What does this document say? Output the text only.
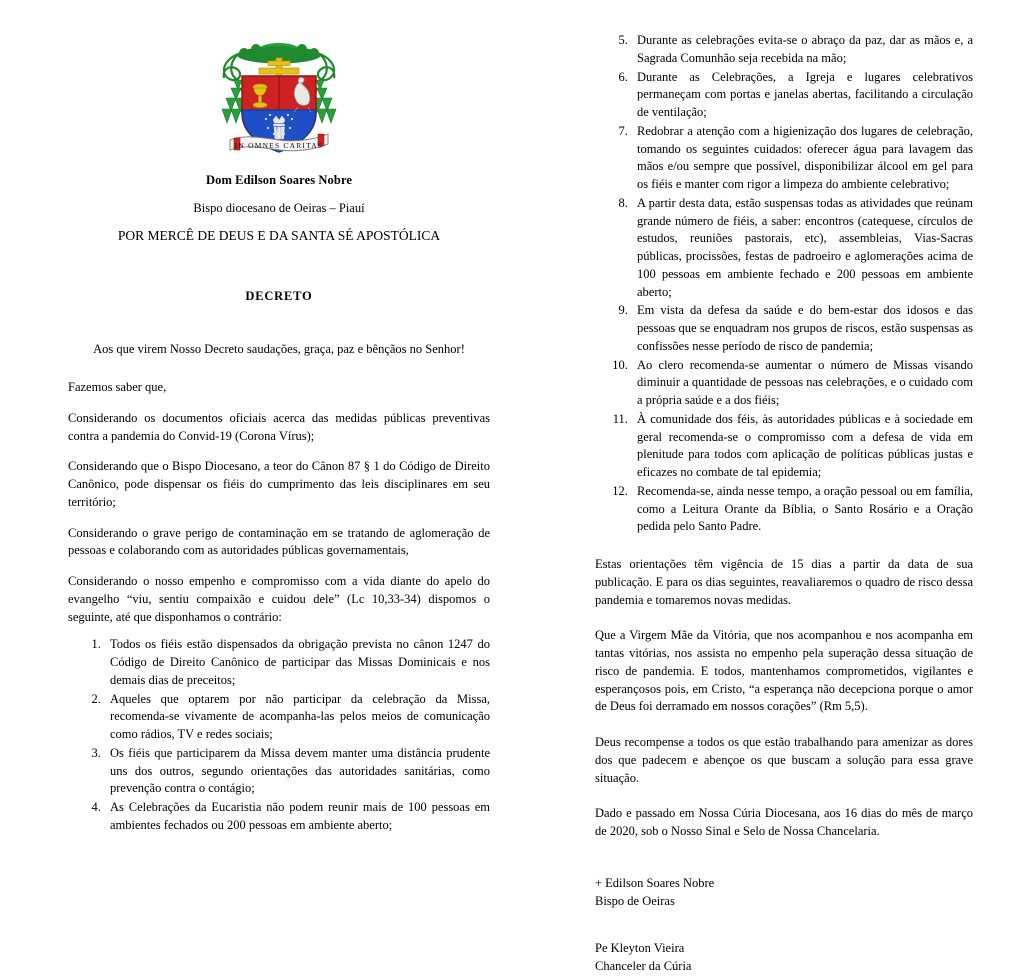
IN OMNES CARITAS
Dom Edilson Soares Nobre
Bispo diocesano de Oeiras – Piauí
POR MERCÊ DE DEUS E DA SANTA SÉ APOSTÓLICA
DECRETO
Aos que virem Nosso Decreto saudações, graça, paz e bênçãos no Senhor!
Fazemos saber que,
Considerando os documentos oficiais acerca das medidas públicas preventivas contra a pandemia do Convid-19 (Corona Vírus);
Considerando que o Bispo Diocesano, a teor do Cânon 87 § 1 do Código de Direito Canônico, pode dispensar os fiéis do cumprimento das leis disciplinares em seu território;
Considerando o grave perigo de contaminação em se tratando de aglomeração de pessoas e colaborando com as autoridades públicas governamentais,
Considerando o nosso empenho e compromisso com a vida diante do apelo do evangelho “viu, sentiu compaixão e cuidou dele” (Lc 10,33-34) dispomos o seguinte, até que disponhamos o contrário:
1. Todos os fiéis estão dispensados da obrigação prevista no cânon 1247 do Código de Direito Canônico de participar das Missas Dominicais e nos demais dias de preceitos;
2. Aqueles que optarem por não participar da celebração da Missa, recomenda-se vivamente de acompanha-las pelos meios de comunicação como rádios, TV e redes sociais;
3. Os fiéis que participarem da Missa devem manter uma distância prudente uns dos outros, segundo orientações das autoridades sanitárias, como prevenção contra o contágio;
4. As Celebrações da Eucaristia não podem reunir mais de 100 pessoas em ambientes fechados ou 200 pessoas em ambiente aberto;
5. Durante as celebrações evita-se o abraço da paz, dar as mãos e, a Sagrada Comunhão seja recebida na mão;
6. Durante as Celebrações, a Igreja e lugares celebrativos permaneçam com portas e janelas abertas, facilitando a circulação de ventilação;
7. Redobrar a atenção com a higienização dos lugares de celebração, tomando os seguintes cuidados: oferecer água para lavagem das mãos e/ou sempre que possível, disponibilizar álcool em gel para os fiéis e manter com rigor a limpeza do ambiente celebrativo;
8. A partir desta data, estão suspensas todas as atividades que reúnam grande número de fiéis, a saber: encontros (catequese, círculos de estudos, reuniões pastorais, etc), assembleias, Vias-Sacras públicas, procissões, festas de padroeiro e aglomerações acima de 100 pessoas em ambiente fechado e 200 pessoas em ambiente aberto;
9. Em vista da defesa da saúde e do bem-estar dos idosos e das pessoas que se enquadram nos grupos de riscos, estão suspensas as confissões nesse período de risco de pandemia;
10. Ao clero recomenda-se aumentar o número de Missas visando diminuir a quantidade de pessoas nas celebrações, e o cuidado com a própria saúde e a dos fiéis;
11. À comunidade dos féis, às autoridades públicas e à sociedade em geral recomenda-se o compromisso com a defesa de vida em plenitude para todos com aplicação de políticas públicas justas e eficazes no combate de tal epidemia;
12. Recomenda-se, ainda nesse tempo, a oração pessoal ou em família, como a Leitura Orante da Bíblia, o Santo Rosário e a Oração pedida pelo Santo Padre.
Estas orientações têm vigência de 15 dias a partir da data de sua publicação. E para os dias seguintes, reavaliaremos o quadro de risco dessa pandemia e tomaremos novas medidas.
Que a Virgem Mãe da Vitória, que nos acompanhou e nos acompanha em tantas vitórias, nos assista no empenho pela superação dessa situação de risco de pandemia. E todos, mantenhamos comprometidos, vigilantes e esperançosos pois, em Cristo, “a esperança não decepciona porque o amor de Deus foi derramado em nossos corações” (Rm 5,5).
Deus recompense a todos os que estão trabalhando para amenizar as dores dos que padecem e abençoe os que buscam a solução para essa grave situação.
Dado e passado em Nossa Cúria Diocesana, aos 16 dias do mês de março de 2020, sob o Nosso Sinal e Selo de Nossa Chancelaria.
+ Edilson Soares Nobre
Bispo de Oeiras
Pe Kleyton Vieira
Chanceler da Cúria
